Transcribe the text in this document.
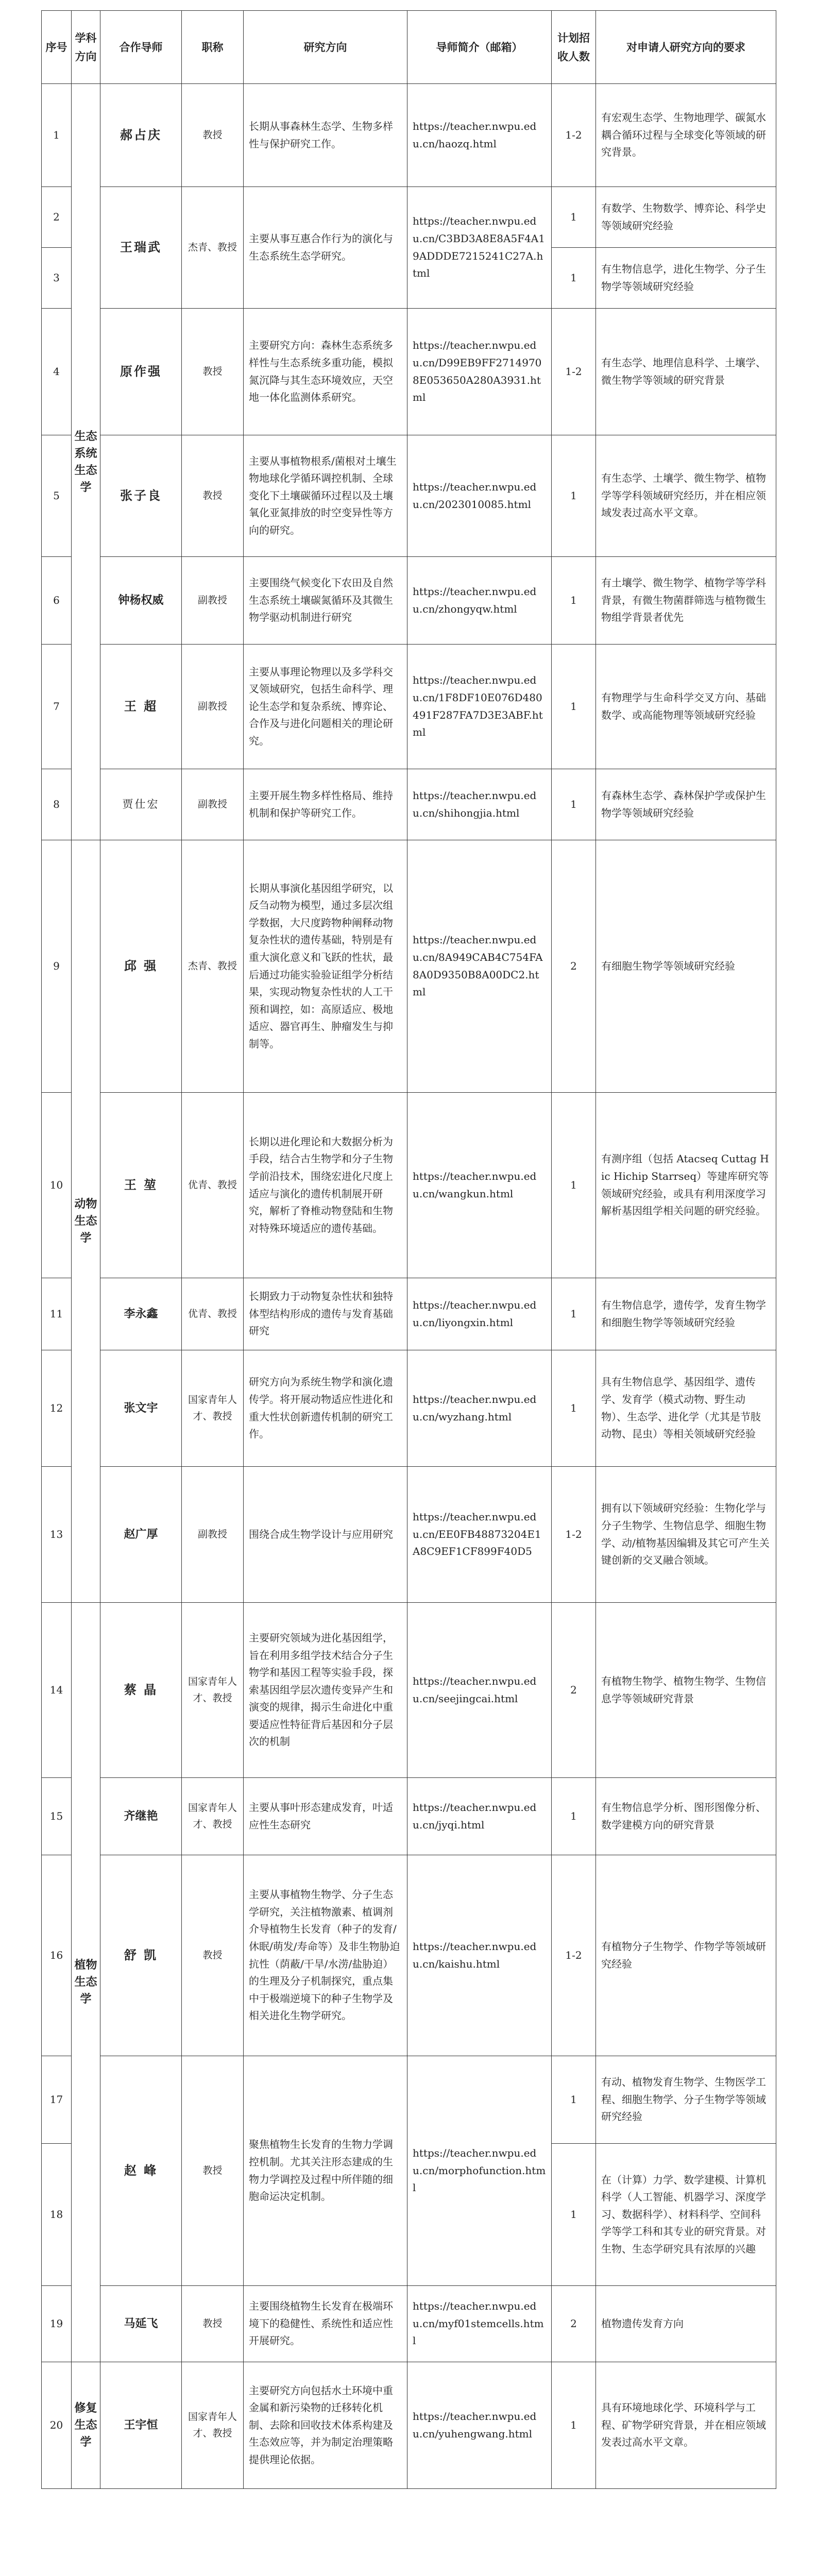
序号	学科方向	合作导师	职称	研究方向	导师简介（邮箱）	计划招收人数	对申请人研究方向的要求
1	生态系统生态学	郝占庆	教授	长期从事森林生态学、生物多样性与保护研究工作。	https://teacher.nwpu.edu.cn/haozq.html	1-2	有宏观生态学、生物地理学、碳氮水耦合循环过程与全球变化等领域的研究背景。
2		王瑞武	杰青、教授	主要从事互惠合作行为的演化与生态系统生态学研究。	https://teacher.nwpu.edu.cn/C3BD3A8E8A5F4A19ADDDE7215241C27A.html	1	有数学、生物数学、博弈论、科学史等领域研究经验
3						1	有生物信息学，进化生物学、分子生物学等领域研究经验
4		原作强	教授	主要研究方向：森林生态系统多样性与生态系统多重功能，模拟氮沉降与其生态环境效应，天空地一体化监测体系研究。	https://teacher.nwpu.edu.cn/D99EB9FF27149708E053650A280A3931.html	1-2	有生态学、地理信息科学、土壤学、微生物学等领域的研究背景
5		张子良	教授	主要从事植物根系/菌根对土壤生物地球化学循环调控机制、全球变化下土壤碳循环过程以及土壤氧化亚氮排放的时空变异性等方向的研究。	https://teacher.nwpu.edu.cn/2023010085.html	1	有生态学、土壤学、微生物学、植物学等学科领域研究经历，并在相应领域发表过高水平文章。
6		钟杨权威	副教授	主要围绕气候变化下农田及自然生态系统土壤碳氮循环及其微生物学驱动机制进行研究	https://teacher.nwpu.edu.cn/zhongyqw.html	1	有土壤学、微生物学、植物学等学科背景，有微生物菌群筛选与植物微生物组学背景者优先
7		王 超	副教授	主要从事理论物理以及多学科交叉领域研究，包括生命科学、理论生态学和复杂系统、博弈论、合作及与进化问题相关的理论研究。	https://teacher.nwpu.edu.cn/1F8DF10E076D480491F287FA7D3E3ABF.html	1	有物理学与生命科学交叉方向、基础数学、或高能物理等领域研究经验
8		贾仕宏	副教授	主要开展生物多样性格局、维持机制和保护等研究工作。	https://teacher.nwpu.edu.cn/shihongjia.html	1	有森林生态学、森林保护学或保护生物学等领域研究经验
9	动物生态学	邱 强	杰青、教授	长期从事演化基因组学研究，以反刍动物为模型，通过多层次组学数据，大尺度跨物种阐释动物复杂性状的遗传基础，特别是有重大演化意义和飞跃的性状，最后通过功能实验验证组学分析结果，实现动物复杂性状的人工干预和调控，如：高原适应、极地适应、器官再生、肿瘤发生与抑制等。	https://teacher.nwpu.edu.cn/8A949CAB4C754FA8A0D9350B8A00DC2.html	2	有细胞生物学等领域研究经验
10		王 堃	优青、教授	长期以进化理论和大数据分析为手段，结合古生物学和分子生物学前沿技术，围绕宏进化尺度上适应与演化的遗传机制展开研究，解析了脊椎动物登陆和生物对特殊环境适应的遗传基础。	https://teacher.nwpu.edu.cn/wangkun.html	1	有测序组（包括 Atacseq Cuttag Hic Hichip Starrseq）等建库研究等领域研究经验，或具有利用深度学习解析基因组学相关问题的研究经验。
11		李永鑫	优青、教授	长期致力于动物复杂性状和独特体型结构形成的遗传与发育基础研究	https://teacher.nwpu.edu.cn/liyongxin.html	1	有生物信息学，遗传学，发育生物学和细胞生物学等领域研究经验
12		张文宇	国家青年人才、教授	研究方向为系统生物学和演化遗传学。将开展动物适应性进化和重大性状创新遗传机制的研究工作。	https://teacher.nwpu.edu.cn/wyzhang.html	1	具有生物信息学、基因组学、遗传学、发育学（模式动物、野生动物）、生态学、进化学（尤其是节肢动物、昆虫）等相关领域研究经验
13		赵广厚	副教授	围绕合成生物学设计与应用研究	https://teacher.nwpu.edu.cn/EE0FB48873204E1A8C9EF1CF899F40D5	1-2	拥有以下领域研究经验：生物化学与分子生物学、生物信息学、细胞生物学、动/植物基因编辑及其它可产生关键创新的交叉融合领域。
14	植物生态学	蔡 晶	国家青年人才、教授	主要研究领域为进化基因组学，旨在利用多组学技术结合分子生物学和基因工程等实验手段，探索基因组学层次遗传变异产生和演变的规律，揭示生命进化中重要适应性特征背后基因和分子层次的机制	https://teacher.nwpu.edu.cn/seejingcai.html	2	有植物生物学、植物生物学、生物信息学等领域研究背景
15		齐继艳	国家青年人才、教授	主要从事叶形态建成发育，叶适应性生态研究	https://teacher.nwpu.edu.cn/jyqi.html	1	有生物信息学分析、图形图像分析、数学建模方向的研究背景
16		舒 凯	教授	主要从事植物生物学、分子生态学研究，关注植物激素、植调剂介导植物生长发育（种子的发育/休眠/萌发/寿命等）及非生物胁迫抗性（荫蔽/干旱/水涝/盐胁迫）的生理及分子机制探究，重点集中于极端逆境下的种子生物学及相关进化生物学研究。	https://teacher.nwpu.edu.cn/kaishu.html	1-2	有植物分子生物学、作物学等领域研究经验
17		赵 峰	教授	聚焦植物生长发育的生物力学调控机制。尤其关注形态建成的生物力学调控及过程中所伴随的细胞命运决定机制。	https://teacher.nwpu.edu.cn/morphofunction.html	1	有动、植物发育生物学、生物医学工程、细胞生物学、分子生物学等领域研究经验
18						1	在（计算）力学、数学建模、计算机科学（人工智能、机器学习、深度学习、数据科学）、材料科学、空间科学等学工科和其专业的研究背景。对生物、生态学研究具有浓厚的兴趣
19		马延飞	教授	主要围绕植物生长发育在极端环境下的稳健性、系统性和适应性开展研究。	https://teacher.nwpu.edu.cn/myf01stemcells.html	2	植物遗传发育方向
20	修复生态学	王宇恒	国家青年人才、教授	主要研究方向包括水土环境中重金属和新污染物的迁移转化机制、去除和回收技术体系构建及生态效应等，并为制定治理策略提供理论依据。	https://teacher.nwpu.edu.cn/yuhengwang.html	1	具有环境地球化学、环境科学与工程、矿物学研究背景，并在相应领域发表过高水平文章。
